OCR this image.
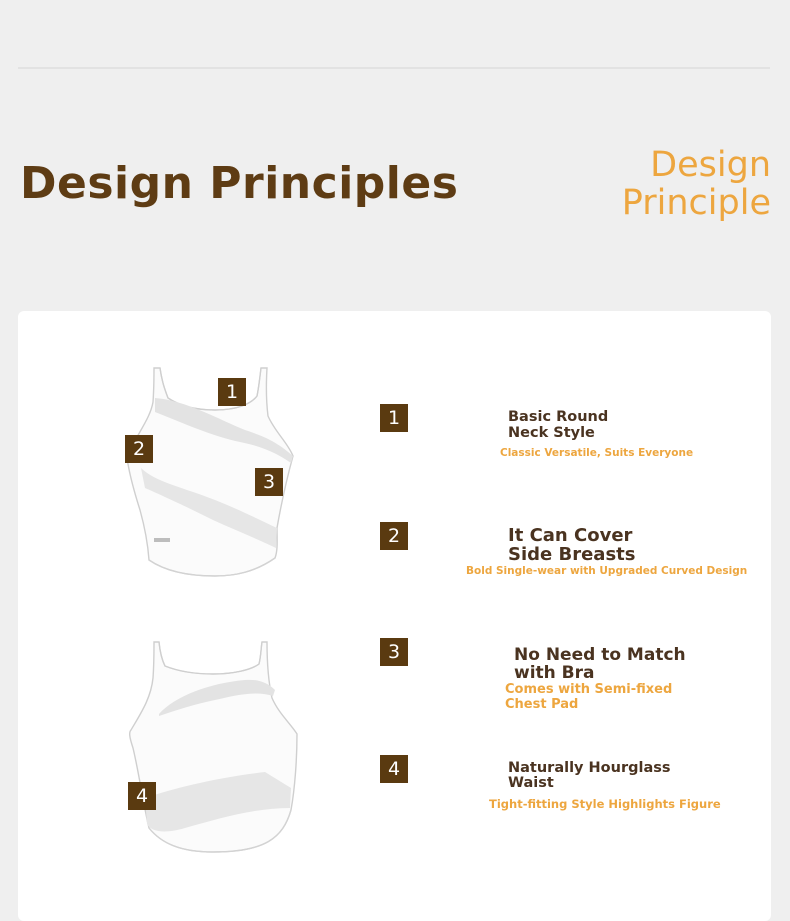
Design Principles	Design
Principle
1
2
3
4
1
2
3
4
Basic Round
Neck Style
Classic Versatile, Suits Everyone
It Can Cover
Side Breasts
Bold Single-wear with Upgraded Curved Design
No Need to Match
with Bra
Comes with Semi-fixed
Chest Pad
Naturally Hourglass
Waist
Tight-fitting Style Highlights Figure
